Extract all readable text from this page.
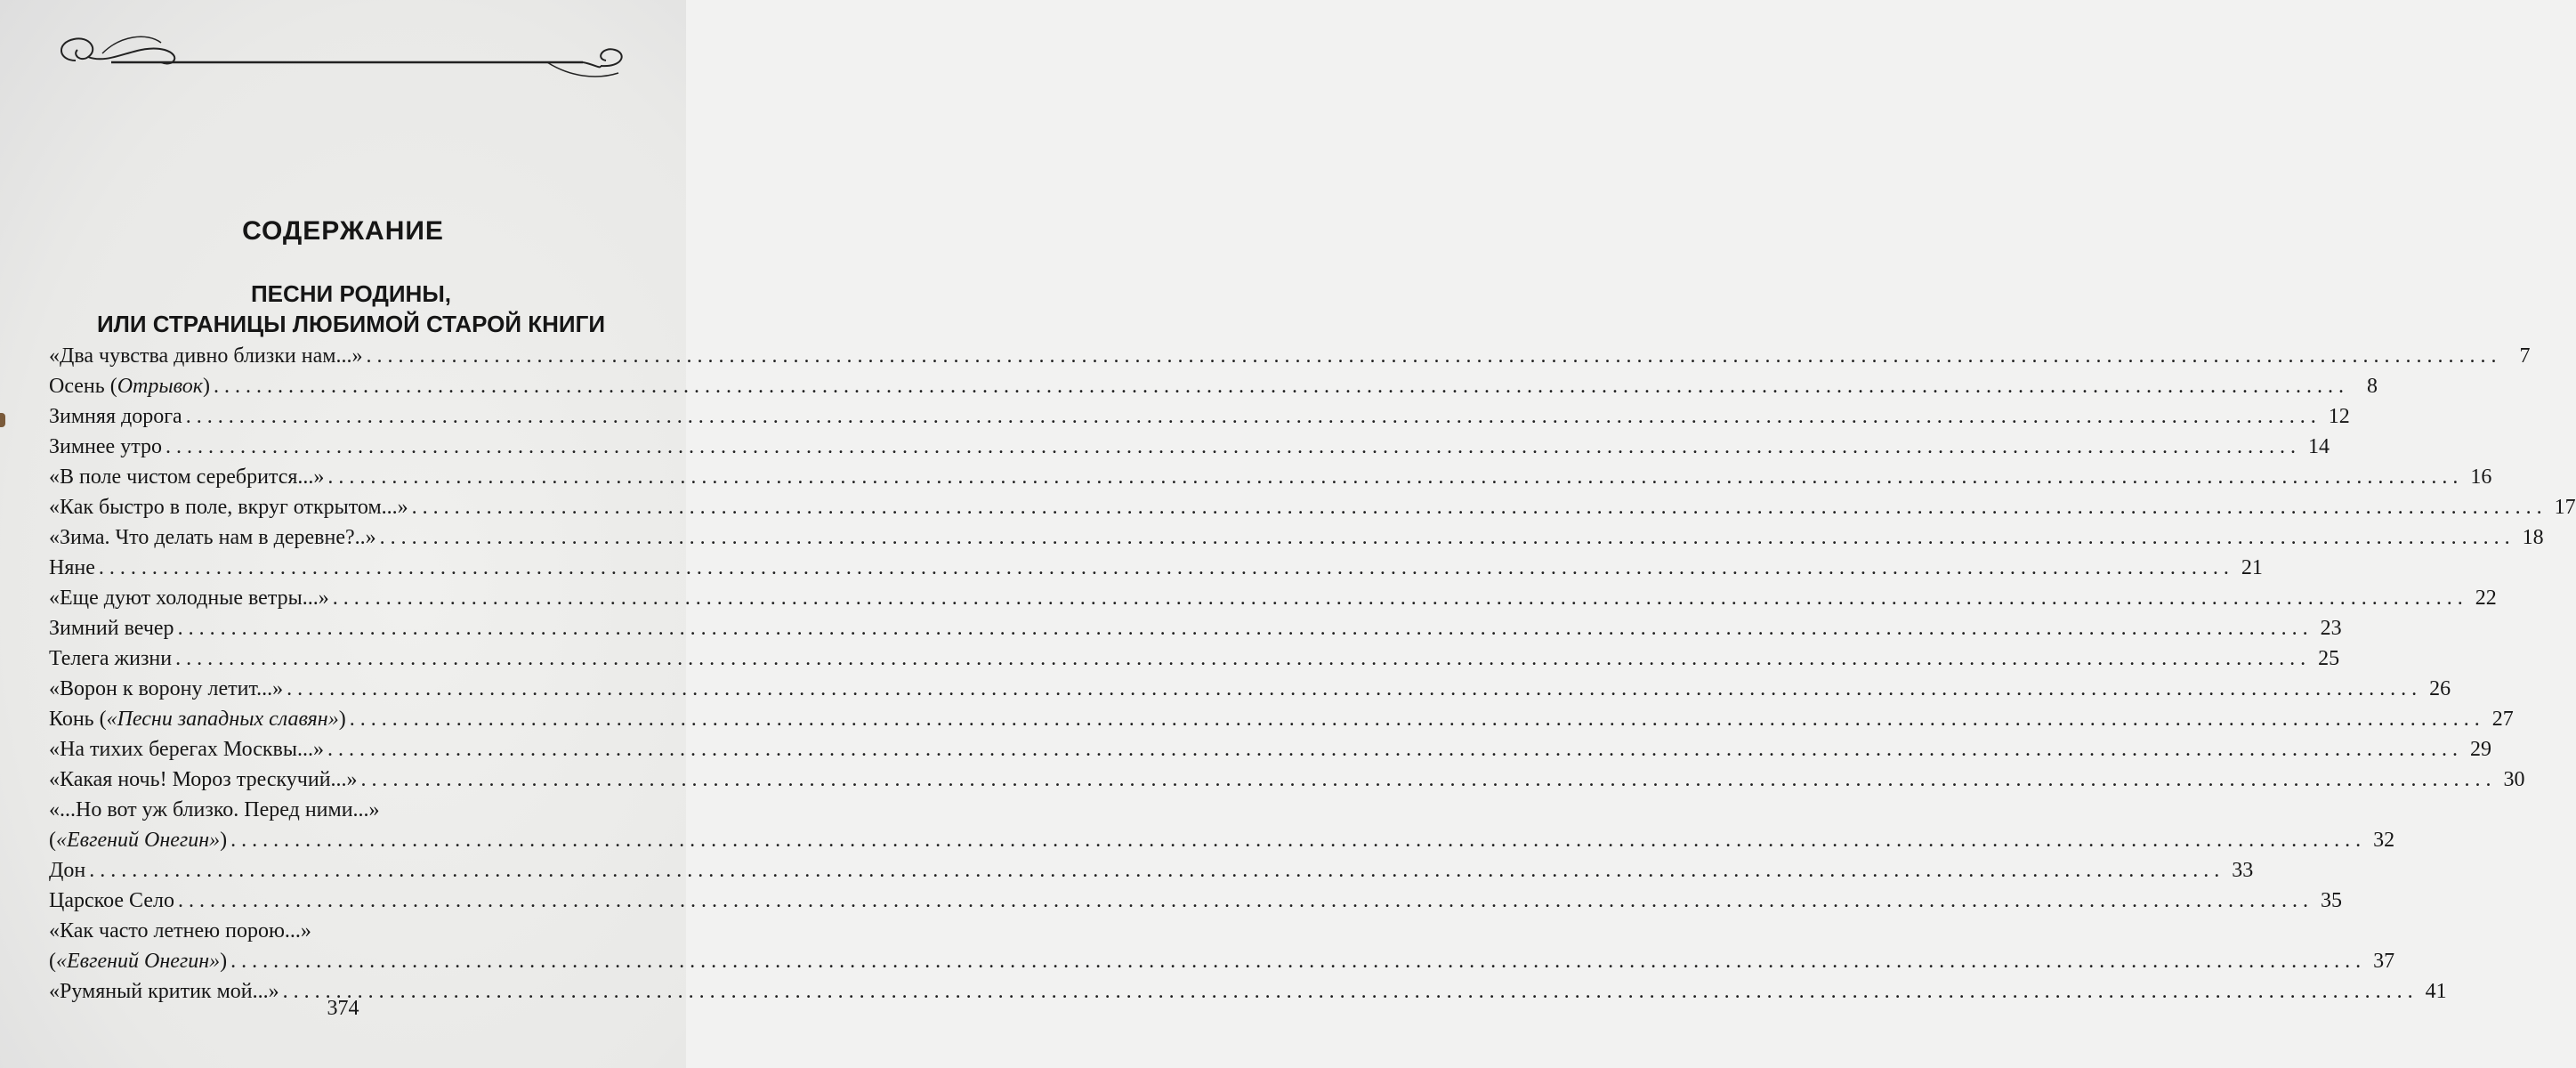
СОДЕРЖАНИЕ
ПЕСНИ РОДИНЫ,
ИЛИ СТРАНИЦЫ ЛЮБИМОЙ СТАРОЙ КНИГИ
«Два чувства дивно близки нам...» ........................................................................................................................................................................................................ 7
Осень (Отрывок) ........................................................................................................................................................................................................ 8
Зимняя дорога ........................................................................................................................................................................................................ 12
Зимнее утро ........................................................................................................................................................................................................ 14
«В поле чистом серебрится...» ........................................................................................................................................................................................................ 16
«Как быстро в поле, вкруг открытом...» ........................................................................................................................................................................................................ 17
«Зима. Что делать нам в деревне?..» ........................................................................................................................................................................................................ 18
Няне ........................................................................................................................................................................................................ 21
«Еще дуют холодные ветры...» ........................................................................................................................................................................................................ 22
Зимний вечер ........................................................................................................................................................................................................ 23
Телега жизни ........................................................................................................................................................................................................ 25
«Ворон к ворону летит...» ........................................................................................................................................................................................................ 26
Конь («Песни западных славян») ........................................................................................................................................................................................................ 27
«На тихих берегах Москвы...» ........................................................................................................................................................................................................ 29
«Какая ночь! Мороз трескучий...» ........................................................................................................................................................................................................ 30
«...Но вот уж близко. Перед ними...»
(«Евгений Онегин») ........................................................................................................................................................................................................ 32
Дон ........................................................................................................................................................................................................ 33
Царское Село ........................................................................................................................................................................................................ 35
«Как часто летнею порою...»
(«Евгений Онегин») ........................................................................................................................................................................................................ 37
«Румяный критик мой...» ........................................................................................................................................................................................................ 41
374
